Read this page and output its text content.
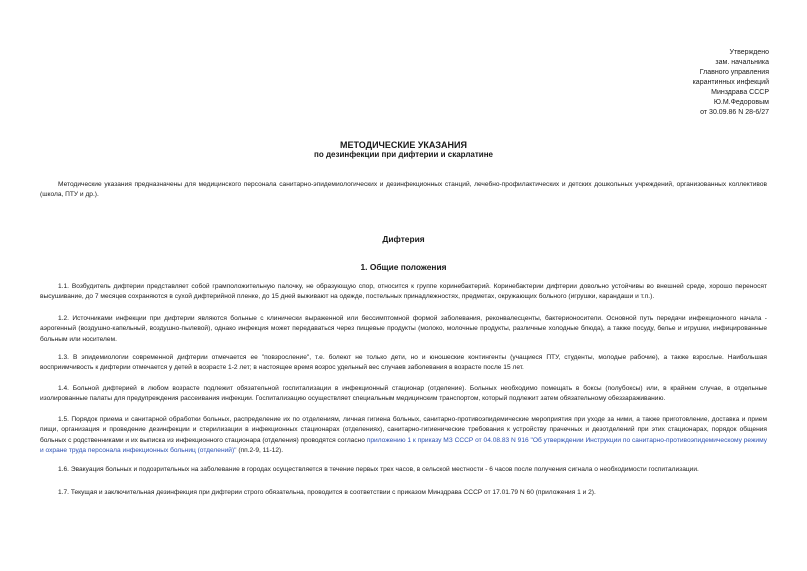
Утверждено
зам. начальника
Главного управления
карантинных инфекций
Минздрава СССР
Ю.М.Федоровым
от 30.09.86 N 28-6/27
МЕТОДИЧЕСКИЕ УКАЗАНИЯ
по дезинфекции при дифтерии и скарлатине
Методические указания предназначены для медицинского персонала санитарно-эпидемиологических и дезинфекционных станций, лечебно-профилактических и детских дошкольных учреждений, организованных коллективов (школа, ПТУ и др.).
Дифтерия
1. Общие положения
1.1. Возбудитель дифтерии представляет собой грамположительную палочку, не образующую спор, относится к группе коринебактерий. Коринебактерии дифтерии довольно устойчивы во внешней среде, хорошо переносят высушивание, до 7 месяцев сохраняются в сухой дифтерийной пленке, до 15 дней выживают на одежде, постельных принадлежностях, предметах, окружающих больного (игрушки, карандаши и т.п.).
1.2. Источниками инфекции при дифтерии являются больные с клинически выраженной или бессимптомной формой заболевания, реконвалесценты, бактерионосители. Основной путь передачи инфекционного начала - аэрогенный (воздушно-капельный, воздушно-пылевой), однако инфекция может передаваться через пищевые продукты (молоко, молочные продукты, различные холодные блюда), а также посуду, белье и игрушки, инфицированные больным или носителем.
1.3. В эпидемиологии современной дифтерии отмечается ее "повзросление", т.е. болеют не только дети, но и юношеские контингенты (учащиеся ПТУ, студенты, молодые рабочие), а также взрослые. Наибольшая восприимчивость к дифтерии отмечается у детей в возрасте 1-2 лет; в настоящее время возрос удельный вес случаев заболевания в возрасте после 15 лет.
1.4. Больной дифтерией в любом возрасте подлежит обязательной госпитализации в инфекционный стационар (отделение). Больных необходимо помещать в боксы (полубоксы) или, в крайнем случае, в отдельные изолированные палаты для предупреждения рассеивания инфекции. Госпитализацию осуществляет специальным медицинским транспортом, который подлежит затем обязательному обеззараживанию.
1.5. Порядок приема и санитарной обработки больных, распределение их по отделениям, личная гигиена больных, санитарно-противоэпидемические мероприятия при уходе за ними, а также приготовление, доставка и прием пищи, организация и проведение дезинфекции и стерилизации в инфекционных стационарах (отделениях), санитарно-гигиенические требования к устройству прачечных и дезотделений при этих стационарах, порядок общения больных с родственниками и их выписка из инфекционного стационара (отделения) проводятся согласно приложению 1 к приказу МЗ СССР от 04.08.83 N 916 "Об утверждении Инструкции по санитарно-противоэпидемическому режиму и охране труда персонала инфекционных больниц (отделений)" (пп.2-9, 11-12).
1.6. Эвакуация больных и подозрительных на заболевание в городах осуществляется в течение первых трех часов, в сельской местности - 6 часов после получения сигнала о необходимости госпитализации.
1.7. Текущая и заключительная дезинфекция при дифтерии строго обязательна, проводится в соответствии с приказом Минздрава СССР от 17.01.79 N 60 (приложения 1 и 2).
